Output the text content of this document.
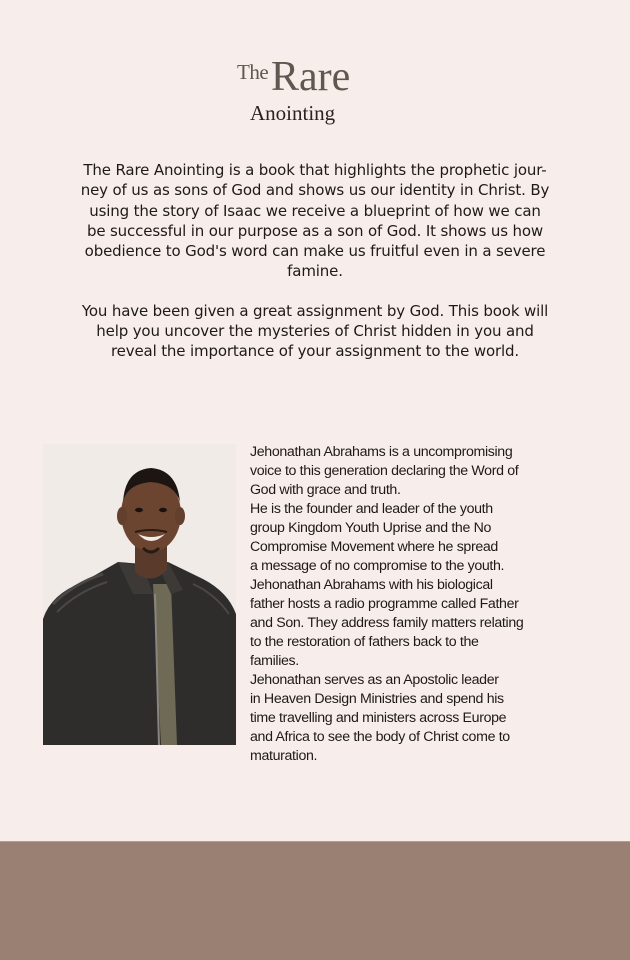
The Rare
Anointing

The Rare Anointing is a book that highlights the prophetic jour-
ney of us as sons of God and shows us our identity in Christ. By
using the story of Isaac we receive a blueprint of how we can
be successful in our purpose as a son of God. It shows us how
obedience to God's word can make us fruitful even in a severe
famine.

You have been given a great assignment by God. This book will
help you uncover the mysteries of Christ hidden in you and
reveal the importance of your assignment to the world.

Jehonathan Abrahams is a uncompromising
voice to this generation declaring the Word of
God with grace and truth.
He is the founder and leader of the youth
group Kingdom Youth Uprise and the No
Compromise Movement where he spread
a message of no compromise to the youth.
Jehonathan Abrahams with his biological
father hosts a radio programme called Father
and Son. They address family matters relating
to the restoration of fathers back to the
families.
Jehonathan serves as an Apostolic leader
in Heaven Design Ministries and spend his
time travelling and ministers across Europe
and Africa to see the body of Christ come to
maturation.
